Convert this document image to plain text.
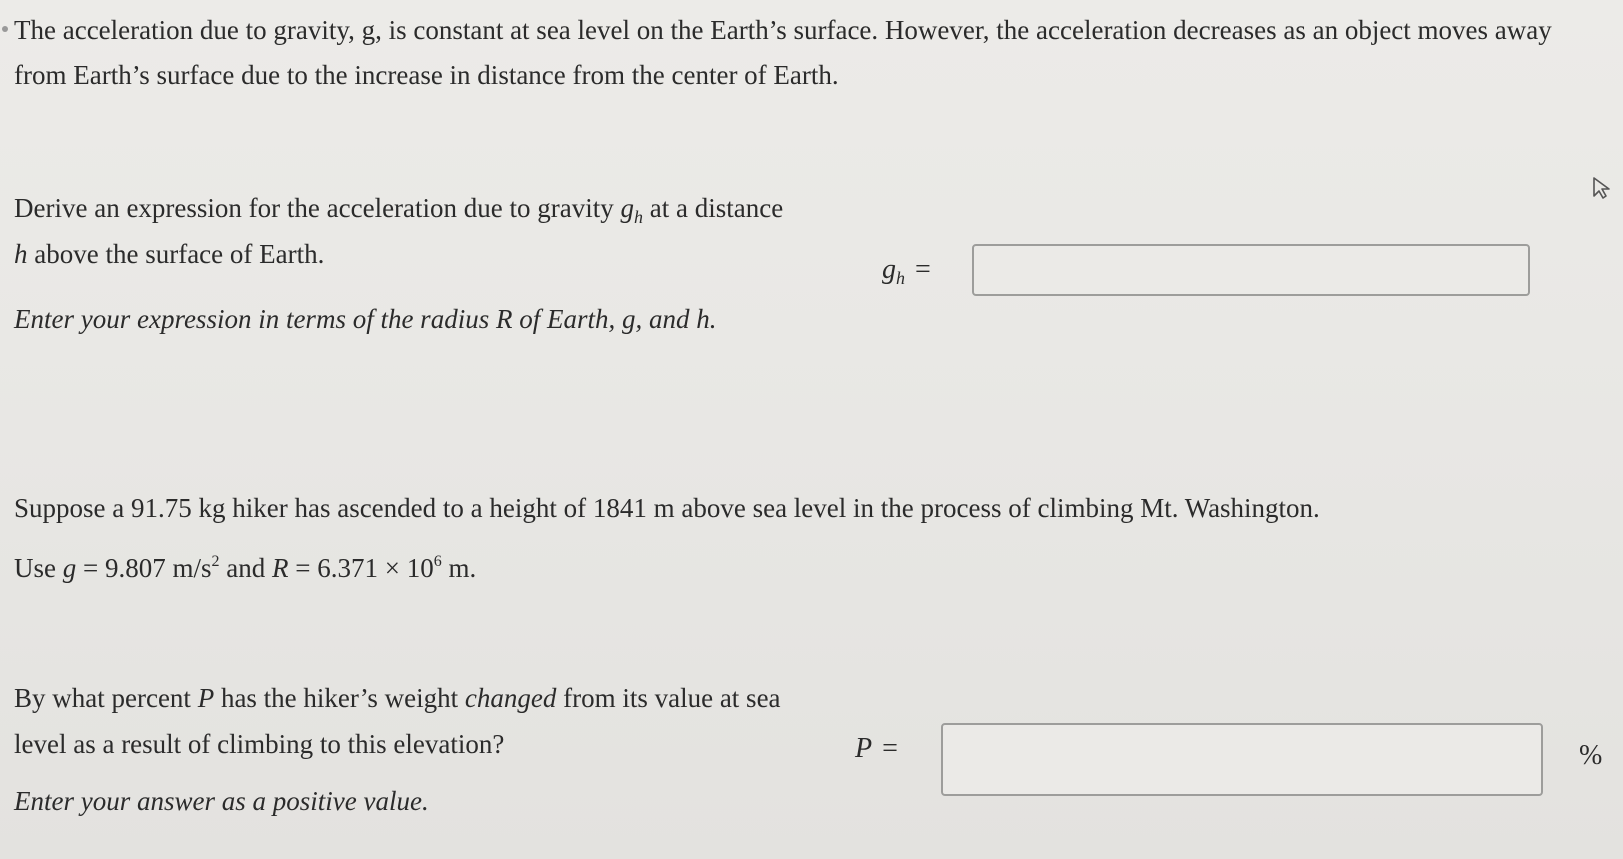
The acceleration due to gravity, g, is constant at sea level on the Earth’s surface. However, the acceleration decreases as an object moves away from Earth’s surface due to the increase in distance from the center of Earth.
Derive an expression for the acceleration due to gravity $g_h$ at a distance h above the surface of Earth.
Enter your expression in terms of the radius R of Earth, g, and h.
$g_h$ =
Suppose a 91.75 kg hiker has ascended to a height of 1841 m above sea level in the process of climbing Mt. Washington.
Use g = 9.807 $m/s^2$ and $R = 6.371 \times 10^6$ m.
By what percent P has the hiker’s weight changed from its value at sea level as a result of climbing to this elevation?
Enter your answer as a positive value.
P =	%
